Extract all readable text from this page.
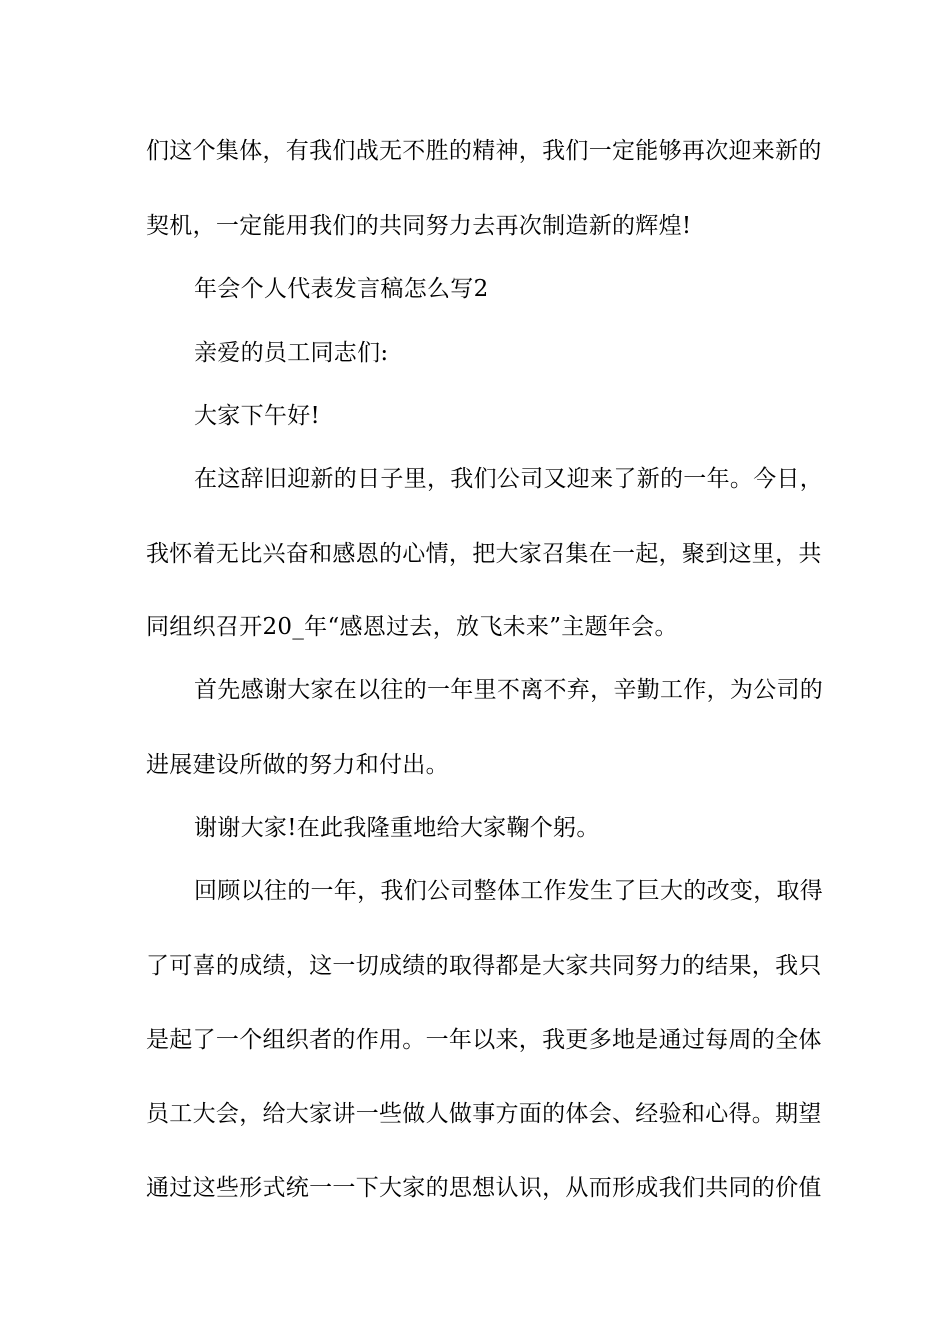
们这个集体，有我们战无不胜的精神，我们一定能够再次迎来新的
契机，一定能用我们的共同努力去再次制造新的辉煌!
年会个人代表发言稿怎么写2
亲爱的员工同志们:
大家下午好!
在这辞旧迎新的日子里，我们公司又迎来了新的一年。今日，
我怀着无比兴奋和感恩的心情，把大家召集在一起，聚到这里，共
同组织召开20_年“感恩过去，放飞未来”主题年会。
首先感谢大家在以往的一年里不离不弃，辛勤工作，为公司的
进展建设所做的努力和付出。
谢谢大家!在此我隆重地给大家鞠个躬。
回顾以往的一年，我们公司整体工作发生了巨大的改变，取得
了可喜的成绩，这一切成绩的取得都是大家共同努力的结果，我只
是起了一个组织者的作用。一年以来，我更多地是通过每周的全体
员工大会，给大家讲一些做人做事方面的体会、经验和心得。期望
通过这些形式统一一下大家的思想认识，从而形成我们共同的价值
